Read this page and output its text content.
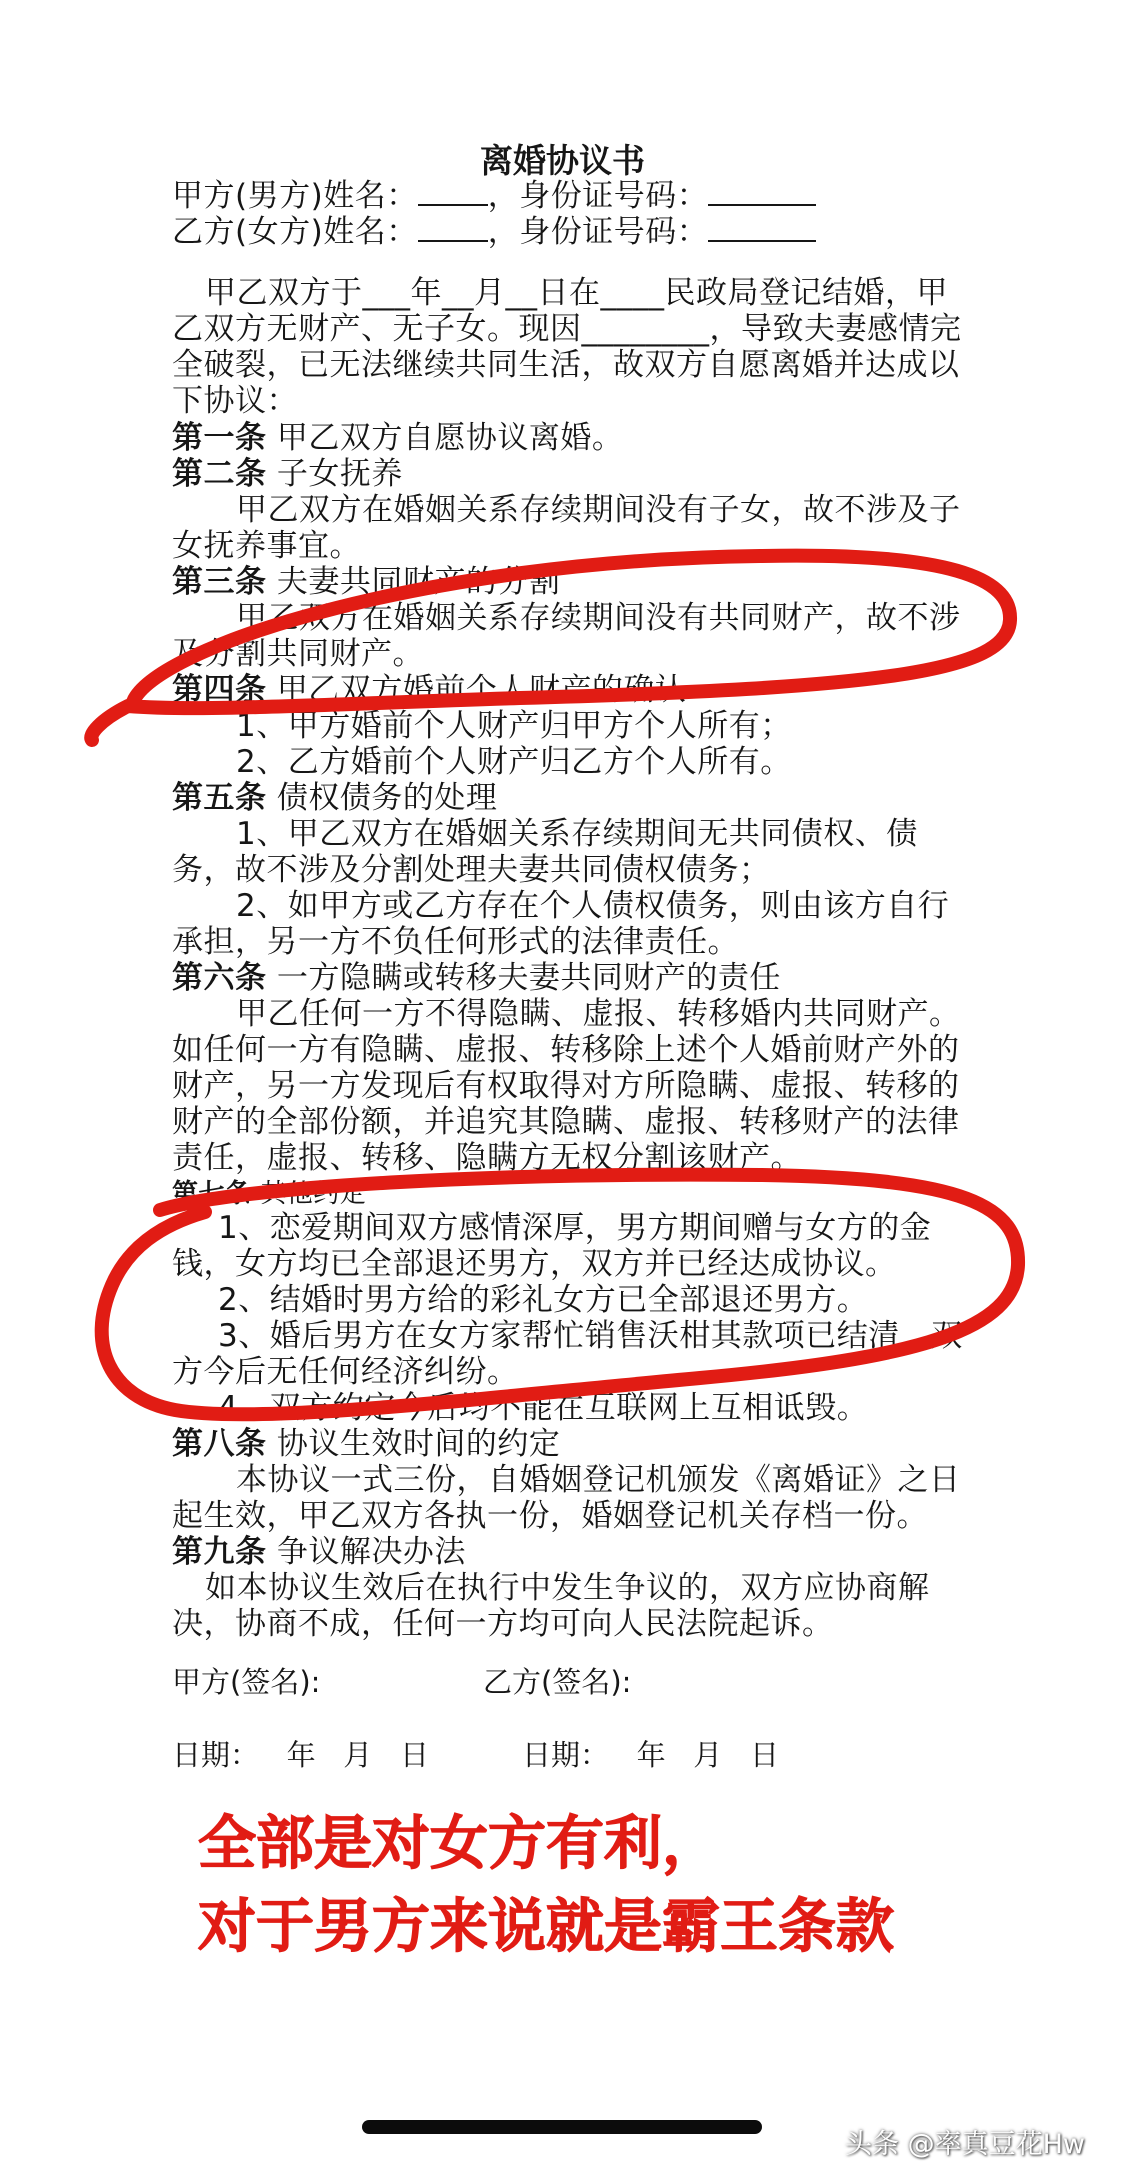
离婚协议书
甲方(男方)姓名： ，身份证号码：
乙方(女方)姓名： ，身份证号码：
甲乙双方于___年__月__日在____民政局登记结婚，甲
乙双方无财产、无子女。现因________，导致夫妻感情完
全破裂，已无法继续共同生活，故双方自愿离婚并达成以
下协议：
第一条 甲乙双方自愿协议离婚。
第二条 子女抚养
甲乙双方在婚姻关系存续期间没有子女，故不涉及子
女抚养事宜。
第三条 夫妻共同财产的分割
甲乙双方在婚姻关系存续期间没有共同财产，故不涉
及分割共同财产。
第四条 甲乙双方婚前个人财产的确认
1、甲方婚前个人财产归甲方个人所有；
2、乙方婚前个人财产归乙方个人所有。
第五条 债权债务的处理
1、甲乙双方在婚姻关系存续期间无共同债权、债
务，故不涉及分割处理夫妻共同债权债务；
2、如甲方或乙方存在个人债权债务，则由该方自行
承担，另一方不负任何形式的法律责任。
第六条 一方隐瞒或转移夫妻共同财产的责任
甲乙任何一方不得隐瞒、虚报、转移婚内共同财产。
如任何一方有隐瞒、虚报、转移除上述个人婚前财产外的
财产，另一方发现后有权取得对方所隐瞒、虚报、转移的
财产的全部份额，并追究其隐瞒、虚报、转移财产的法律
责任，虚报、转移、隐瞒方无权分割该财产。
第七条 其他约定
1、恋爱期间双方感情深厚，男方期间赠与女方的金
钱，女方均已全部退还男方，双方并已经达成协议。
2、结婚时男方给的彩礼女方已全部退还男方。
3、婚后男方在女方家帮忙销售沃柑其款项已结清，双
方今后无任何经济纠纷。
4、双方约定今后均不能在互联网上互相诋毁。
第八条 协议生效时间的约定
本协议一式三份，自婚姻登记机颁发《离婚证》之日
起生效，甲乙双方各执一份，婚姻登记机关存档一份。
第九条 争议解决办法
如本协议生效后在执行中发生争议的，双方应协商解
决，协商不成，任何一方均可向人民法院起诉。
甲方(签名):	乙方(签名):
日期：   年   月   日	日期：   年   月   日
全部是对女方有利，
对于男方来说就是霸王条款
头条 @率真豆花Hw
